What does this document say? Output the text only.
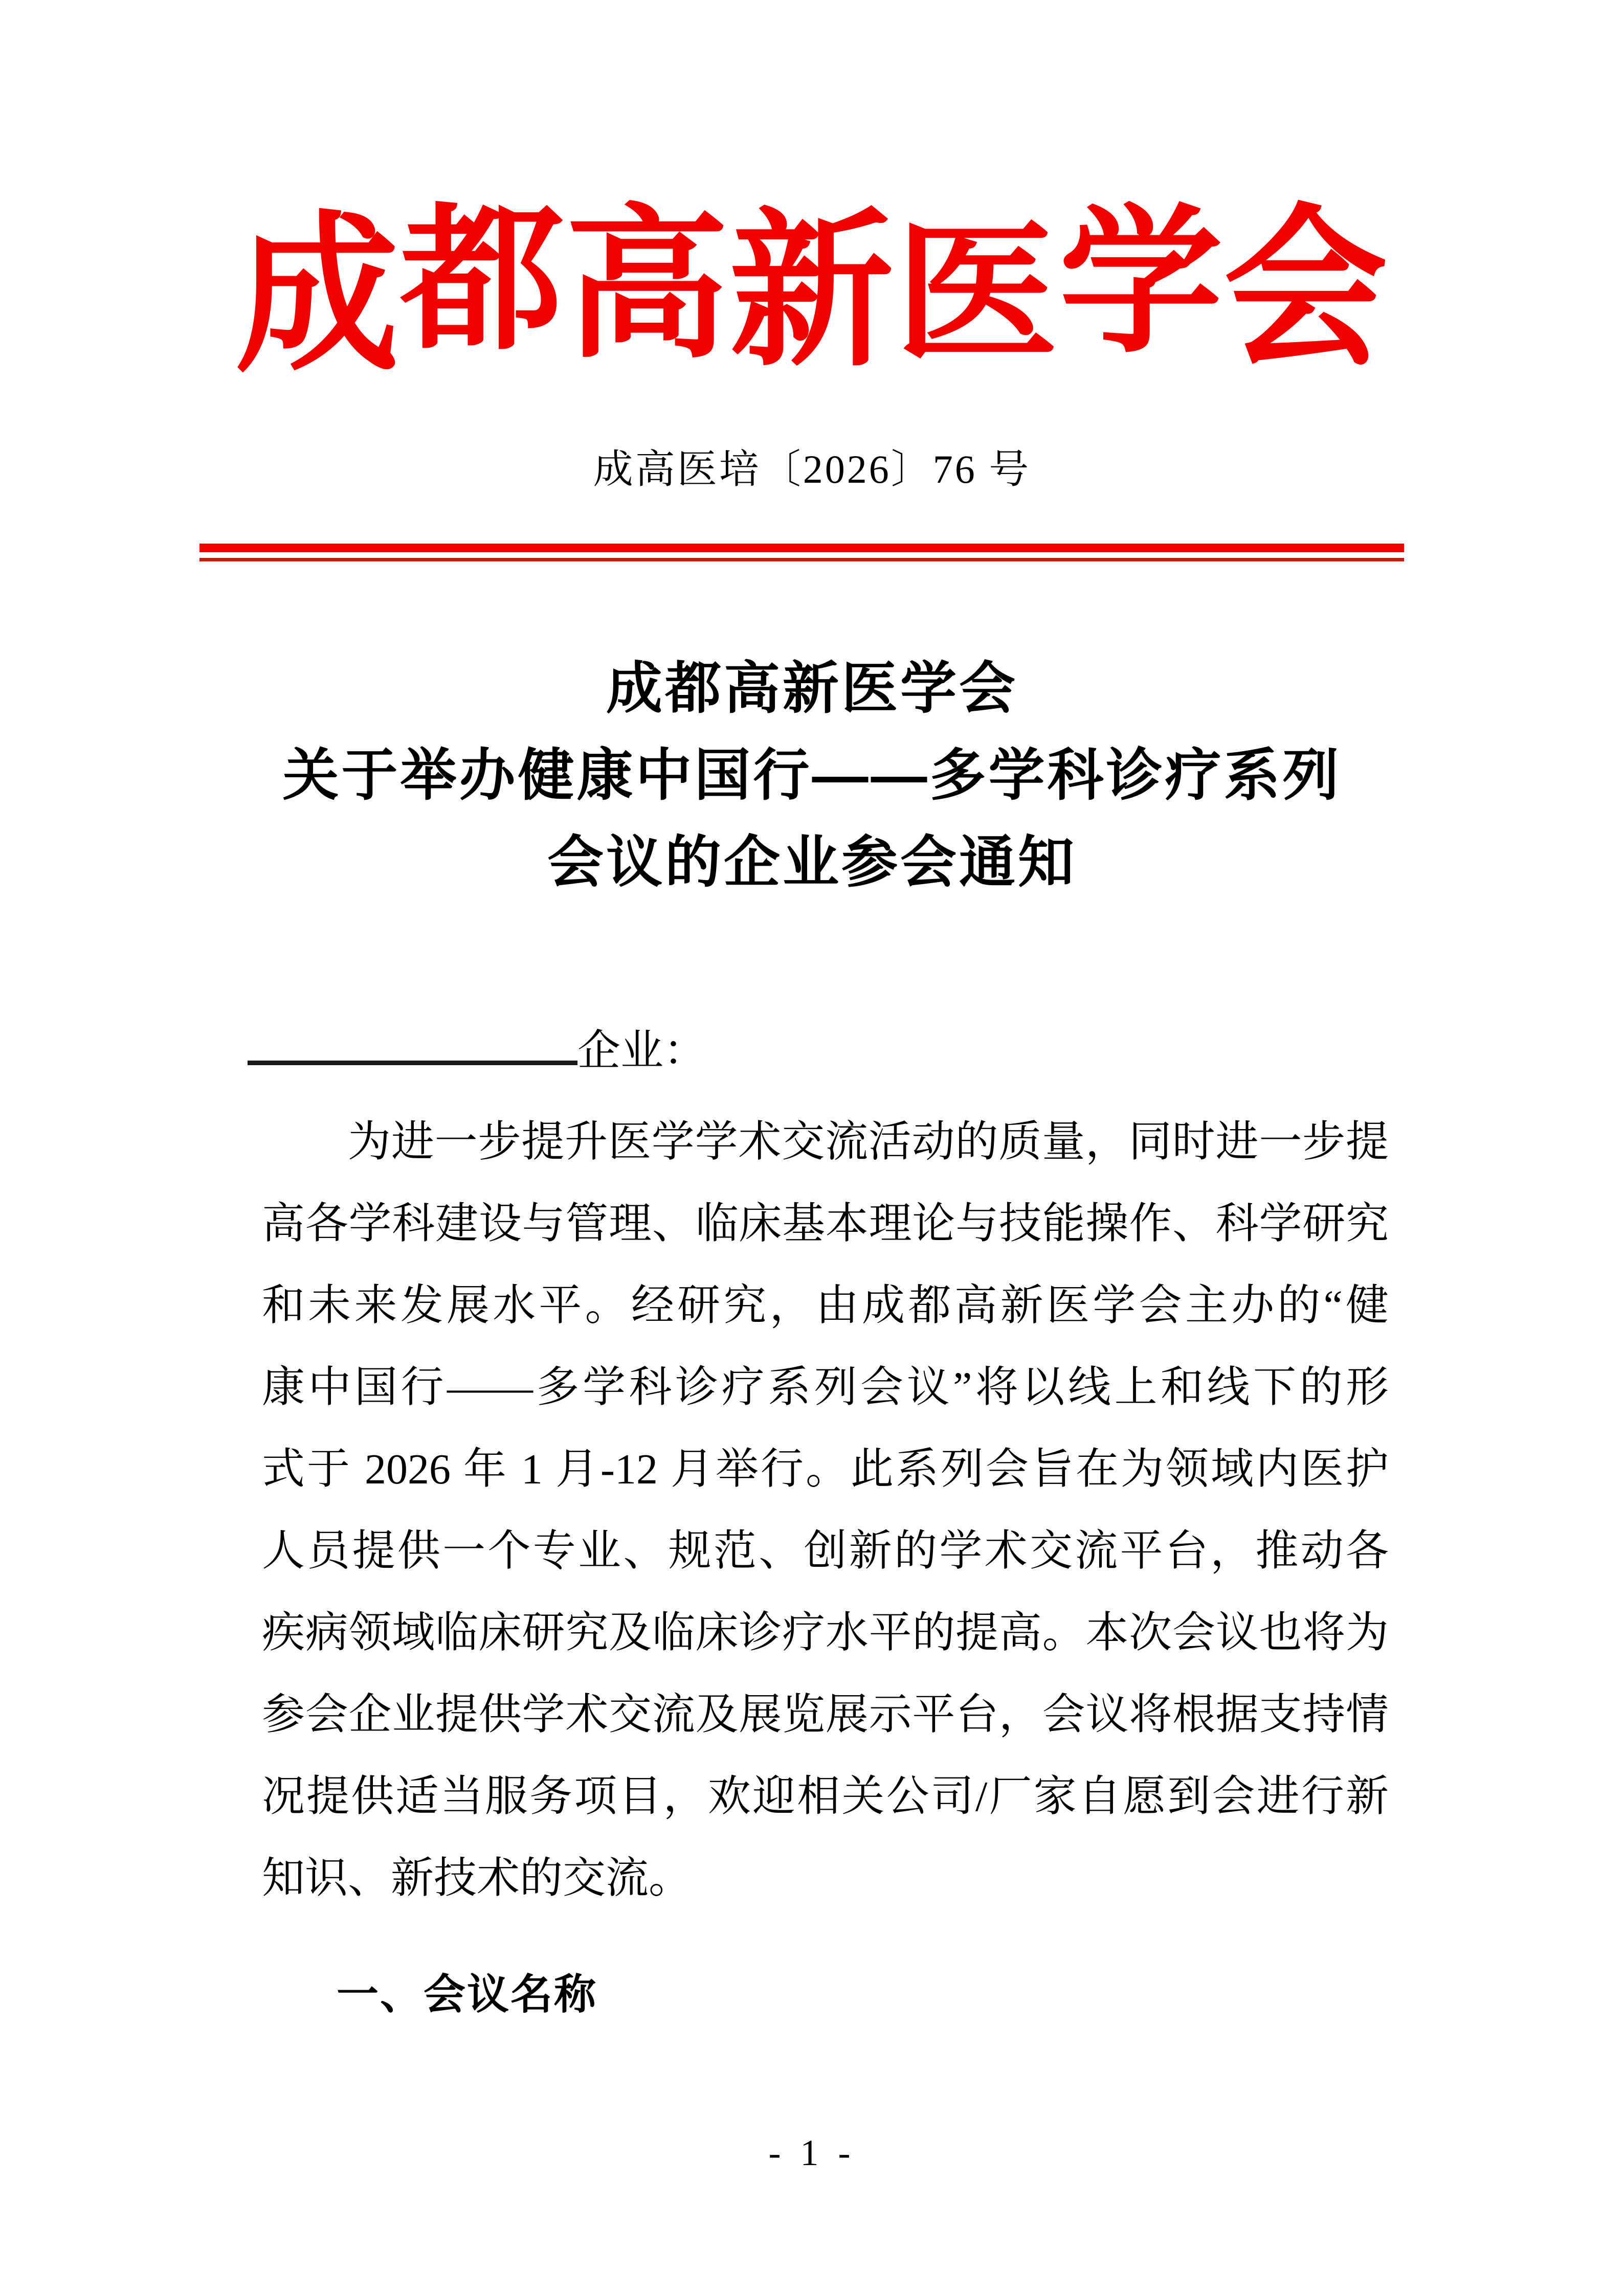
成都高新医学会
成高医培〔2026〕76 号
成都高新医学会
关于举办健康中国行——多学科诊疗系列
会议的企业参会通知
企业：
为进一步提升医学学术交流活动的质量，同时进一步提
高各学科建设与管理、临床基本理论与技能操作、科学研究
和未来发展水平。经研究，由成都高新医学会主办的“健
康中国行——多学科诊疗系列会议”将以线上和线下的形
式于 2026 年 1 月-12 月举行。此系列会旨在为领域内医护
人员提供一个专业、规范、创新的学术交流平台，推动各
疾病领域临床研究及临床诊疗水平的提高。本次会议也将为
参会企业提供学术交流及展览展示平台，会议将根据支持情
况提供适当服务项目，欢迎相关公司/厂家自愿到会进行新
知识、新技术的交流。
一、会议名称
- 1 -
